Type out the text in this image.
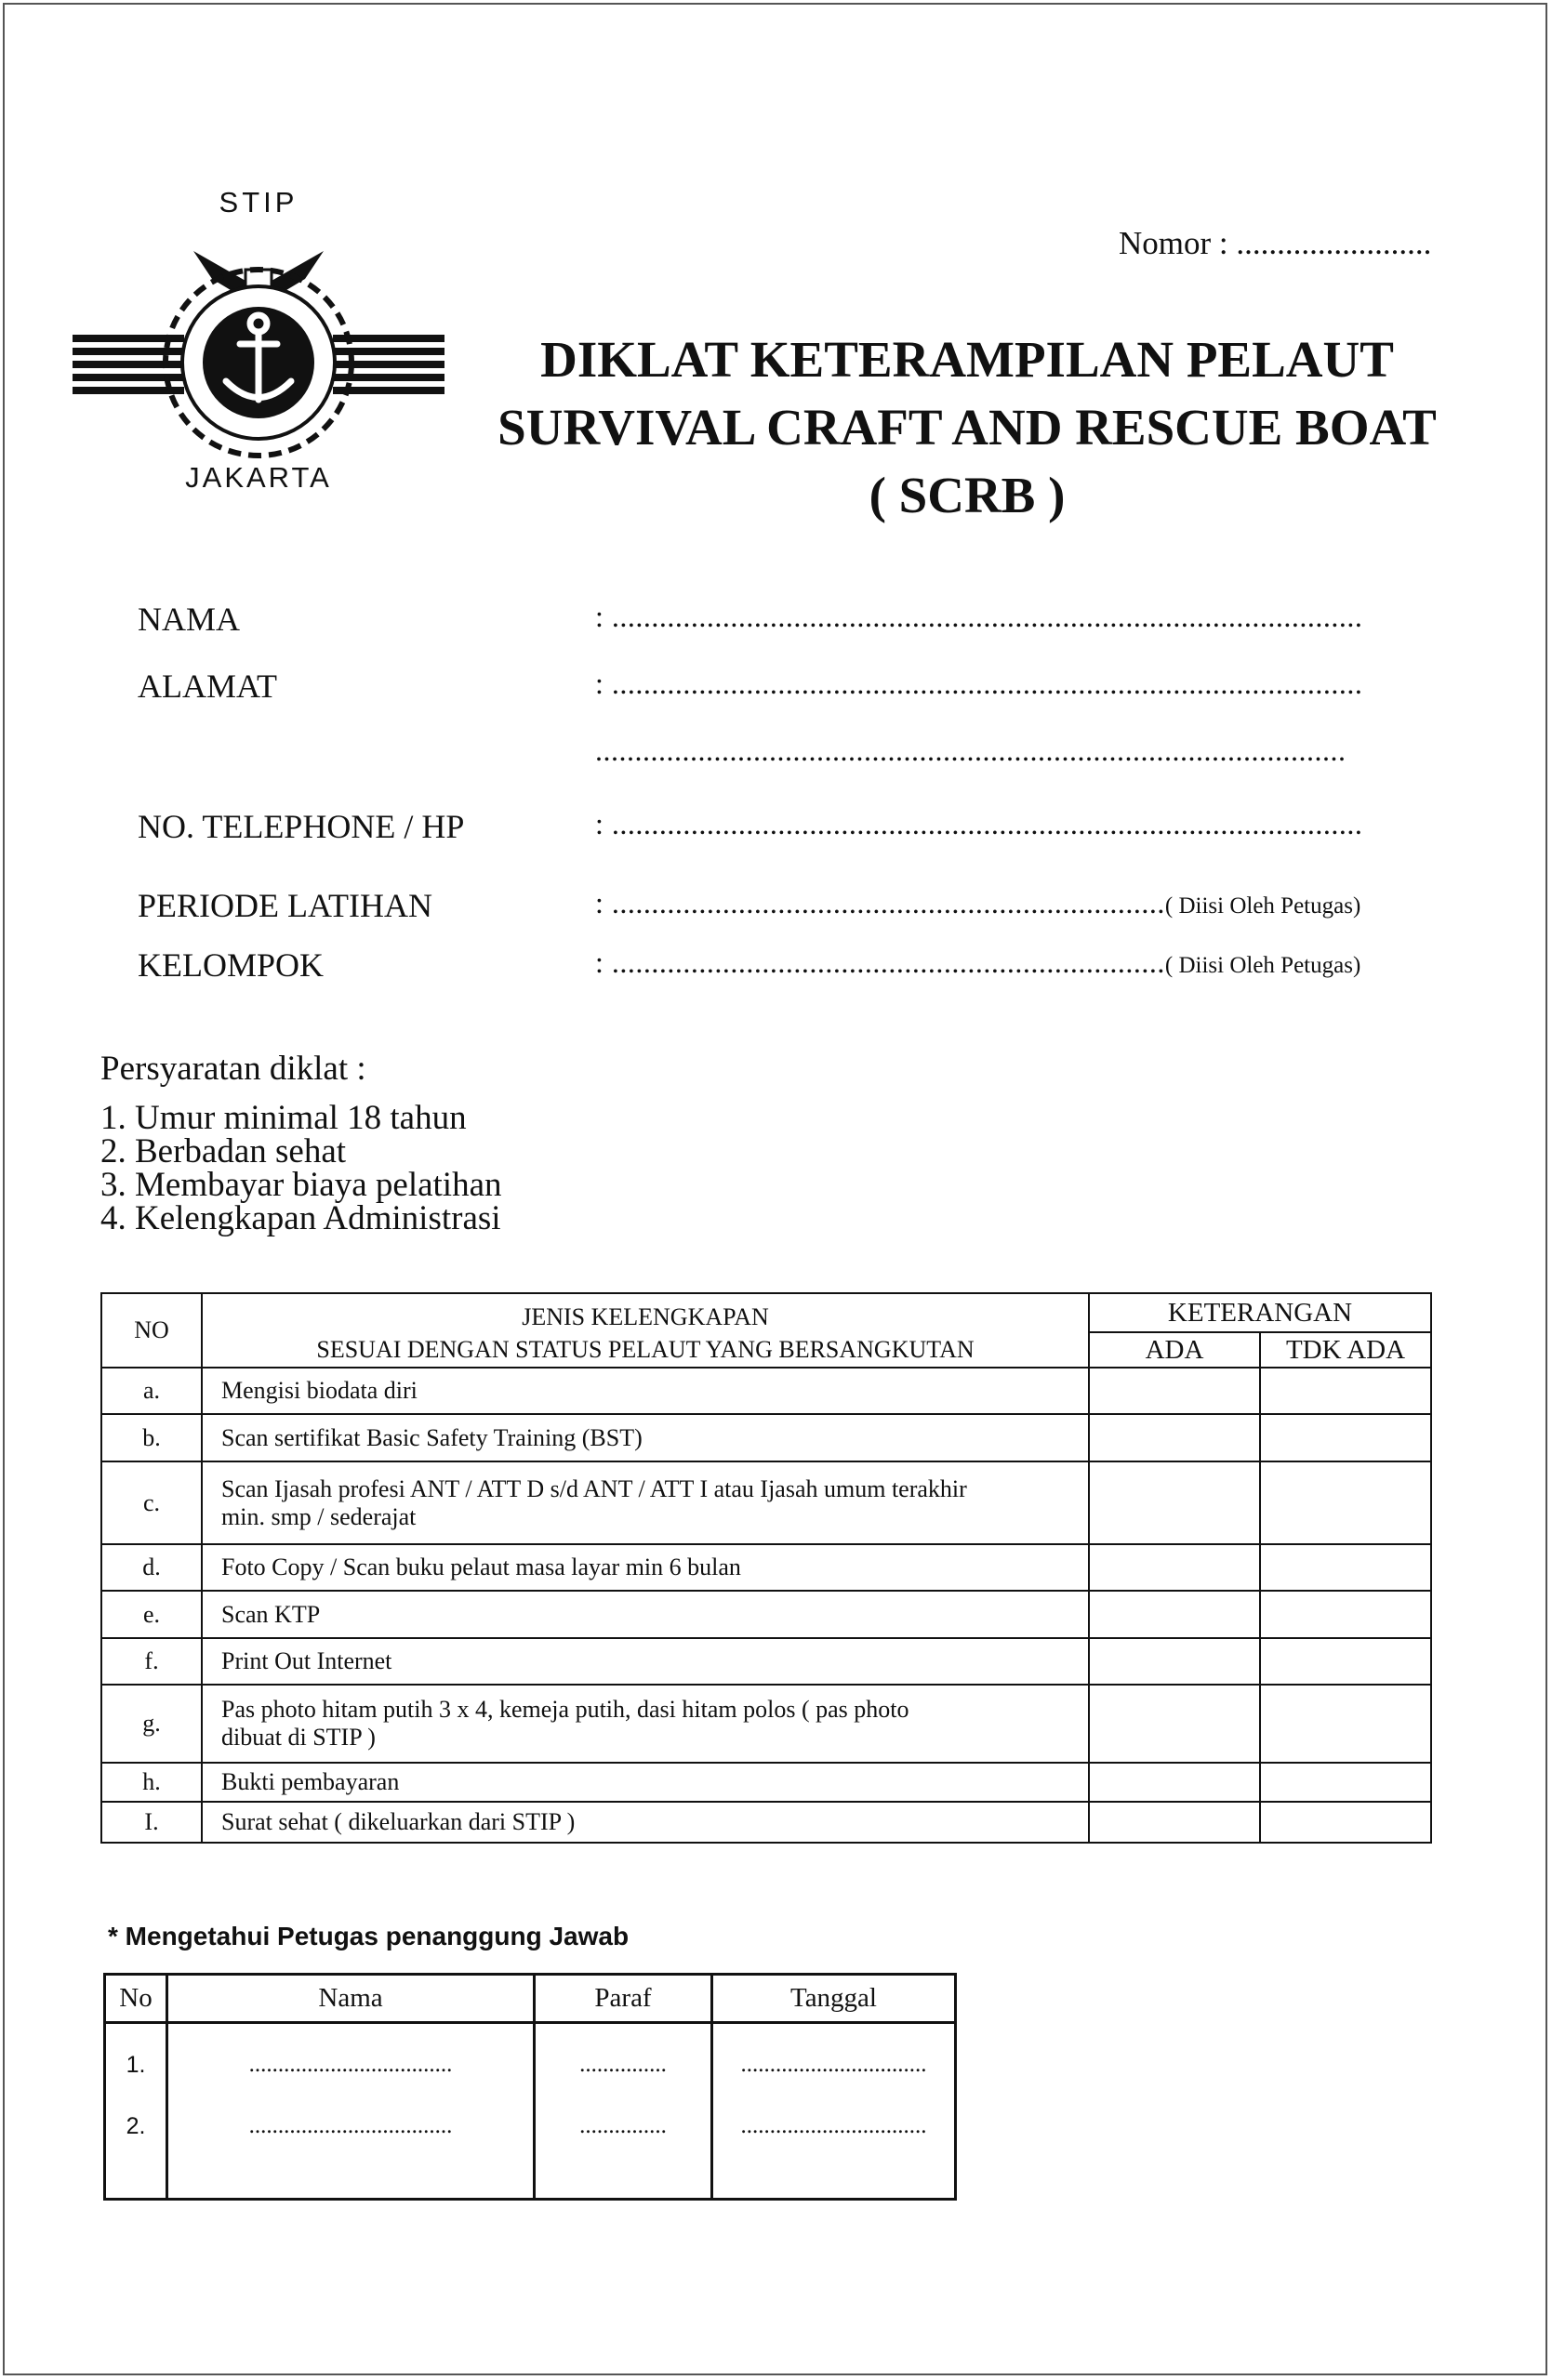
STIP
JAKARTA
Nomor : ........................
DIKLAT KETERAMPILAN PELAUT
SURVIVAL CRAFT AND RESCUE BOAT
( SCRB )
NAMA	: ...............................................................................................
ALAMAT	: ...............................................................................................
...............................................................................................
NO. TELEPHONE / HP	: ...............................................................................................
PERIODE LATIHAN	: ......................................................................( Diisi Oleh Petugas)
KELOMPOK	: ......................................................................( Diisi Oleh Petugas)
Persyaratan diklat :
1. Umur minimal 18 tahun
2. Berbadan sehat
3. Membayar biaya pelatihan
4. Kelengkapan Administrasi
NO	JENIS KELENGKAPAN	KETERANGAN	
	SESUAI DENGAN STATUS PELAUT YANG BERSANGKUTAN	ADA	TDK ADA
a.	Mengisi biodata diri		
b.	Scan sertifikat Basic Safety Training (BST)		
c.	Scan Ijasah profesi ANT / ATT D s/d ANT / ATT I atau Ijasah umum terakhir
min. smp / sederajat		

d.	Foto Copy / Scan buku pelaut masa layar min 6 bulan		
e.	Scan KTP		
f.	Print Out Internet		
g.	Pas photo hitam putih 3 x 4, kemeja putih, dasi hitam polos ( pas photo
dibuat di STIP )		

h.	Bukti pembayaran		
I.	Surat sehat ( dikeluarkan dari STIP )		
* Mengetahui Petugas penanggung Jawab
No	Nama	Paraf	Tanggal
1.	...................................	...............	................................
2.	...................................	...............	................................
